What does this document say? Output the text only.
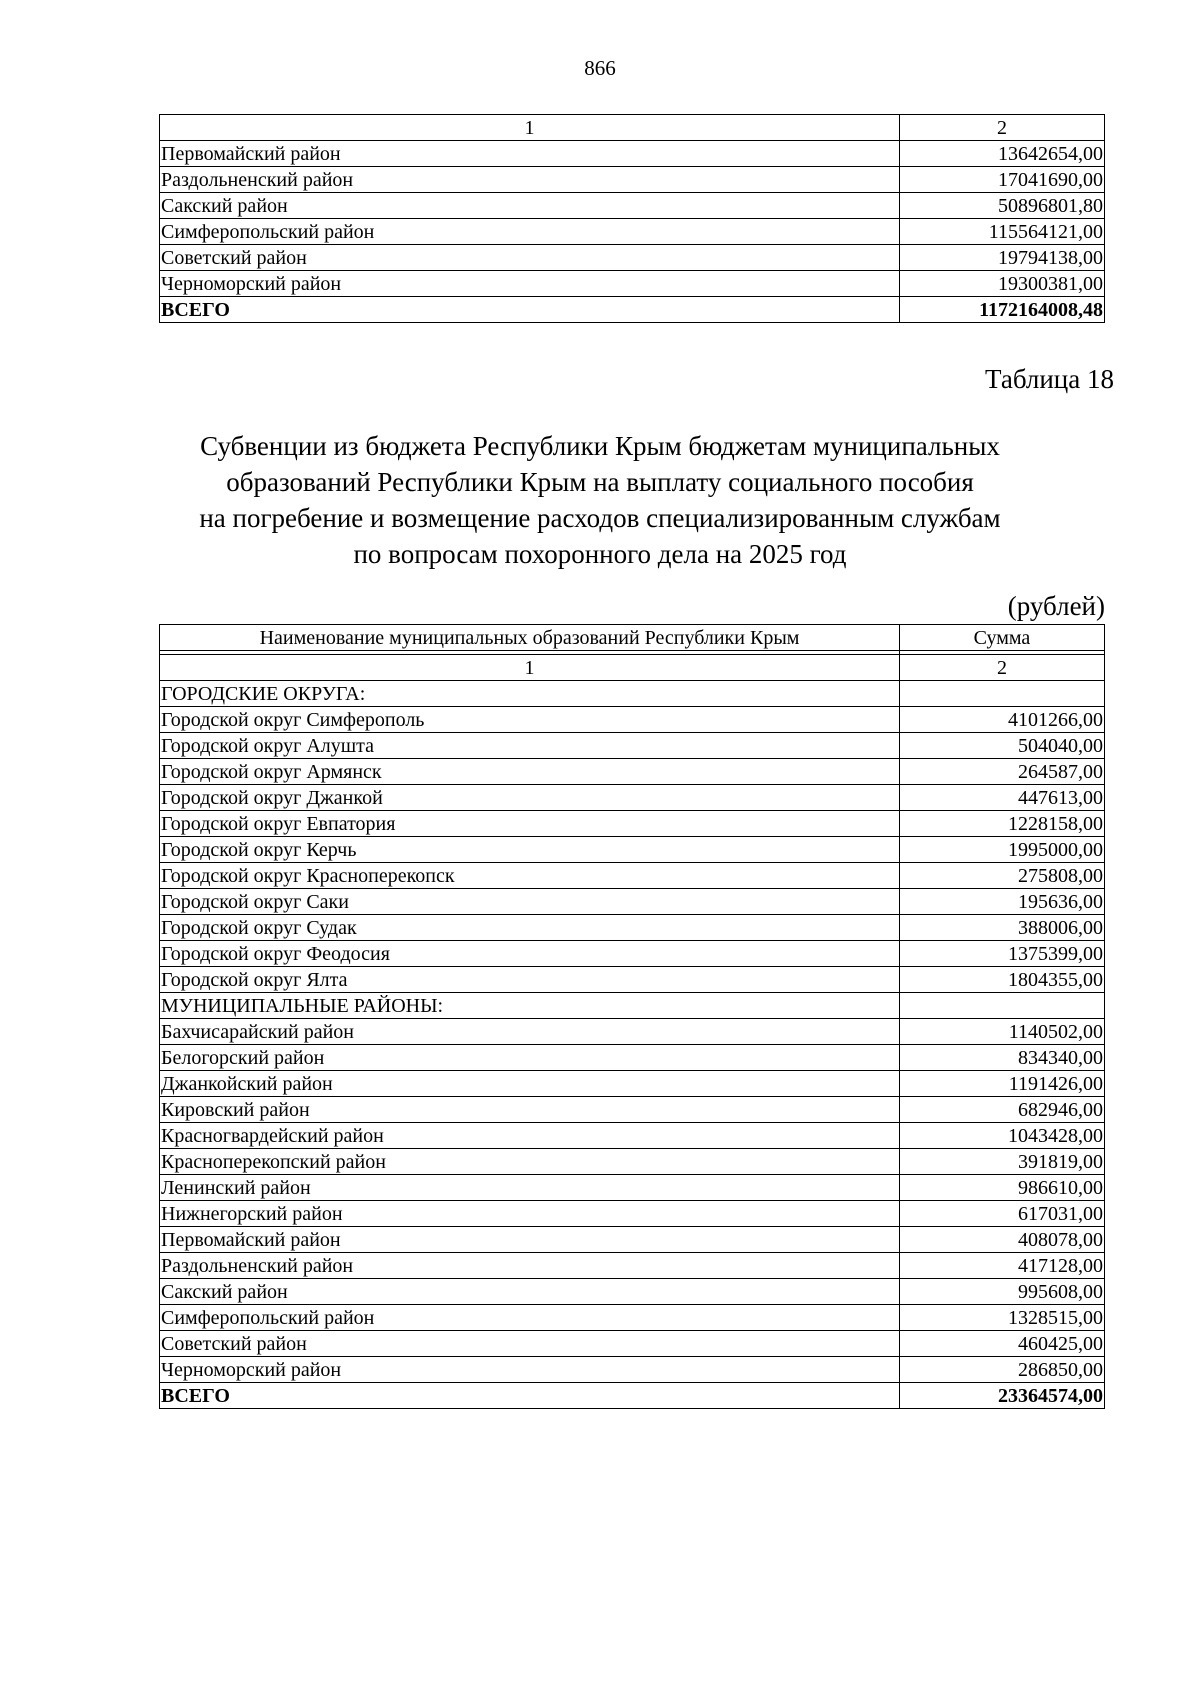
866
1	2
Первомайский район	13642654,00
Раздольненский район	17041690,00
Сакский район	50896801,80
Симферопольский район	115564121,00
Советский район	19794138,00
Черноморский район	19300381,00
ВСЕГО	1172164008,48
Таблица 18
Субвенции из бюджета Республики Крым бюджетам муниципальных
образований Республики Крым на выплату социального пособия
на погребение и возмещение расходов специализированным службам
по вопросам похоронного дела на 2025 год
(рублей)
Наименование муниципальных образований Республики Крым	Сумма

1	2
ГОРОДСКИЕ ОКРУГА:	
Городской округ Симферополь	4101266,00
Городской округ Алушта	504040,00
Городской округ Армянск	264587,00
Городской округ Джанкой	447613,00
Городской округ Евпатория	1228158,00
Городской округ Керчь	1995000,00
Городской округ Красноперекопск	275808,00
Городской округ Саки	195636,00
Городской округ Судак	388006,00
Городской округ Феодосия	1375399,00
Городской округ Ялта	1804355,00
МУНИЦИПАЛЬНЫЕ РАЙОНЫ:	
Бахчисарайский район	1140502,00
Белогорский район	834340,00
Джанкойский район	1191426,00
Кировский район	682946,00
Красногвардейский район	1043428,00
Красноперекопский район	391819,00
Ленинский район	986610,00
Нижнегорский район	617031,00
Первомайский район	408078,00
Раздольненский район	417128,00
Сакский район	995608,00
Симферопольский район	1328515,00
Советский район	460425,00
Черноморский район	286850,00
ВСЕГО	23364574,00
